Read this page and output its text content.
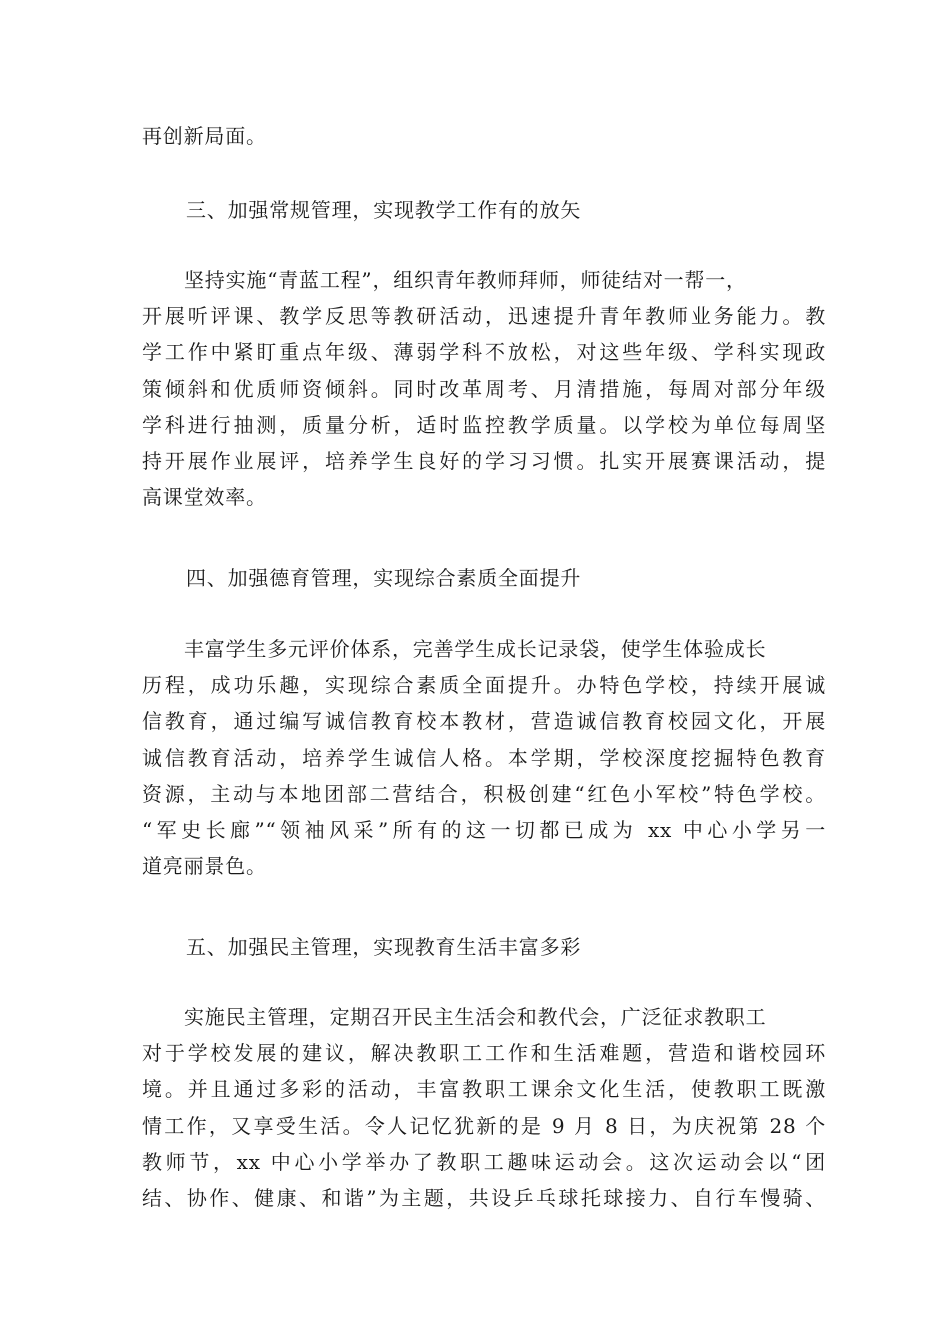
再创新局面。
三、加强常规管理，实现教学工作有的放矢
坚持实施“青蓝工程”，组织青年教师拜师，师徒结对一帮一，
开展听评课、教学反思等教研活动，迅速提升青年教师业务能力。教
学工作中紧盯重点年级、薄弱学科不放松，对这些年级、学科实现政
策倾斜和优质师资倾斜。同时改革周考、月清措施，每周对部分年级
学科进行抽测，质量分析，适时监控教学质量。以学校为单位每周坚
持开展作业展评，培养学生良好的学习习惯。扎实开展赛课活动，提
高课堂效率。
四、加强德育管理，实现综合素质全面提升
丰富学生多元评价体系，完善学生成长记录袋，使学生体验成长
历程，成功乐趣，实现综合素质全面提升。办特色学校，持续开展诚
信教育，通过编写诚信教育校本教材，营造诚信教育校园文化，开展
诚信教育活动，培养学生诚信人格。本学期，学校深度挖掘特色教育
资源，主动与本地团部二营结合，积极创建“红色小军校”特色学校。
“军史长廊”“领袖风采”所有的这一切都已成为 xx 中心小学另一
道亮丽景色。
五、加强民主管理，实现教育生活丰富多彩
实施民主管理，定期召开民主生活会和教代会，广泛征求教职工
对于学校发展的建议，解决教职工工作和生活难题，营造和谐校园环
境。并且通过多彩的活动，丰富教职工课余文化生活，使教职工既激
情工作，又享受生活。令人记忆犹新的是 9 月 8 日，为庆祝第 28 个
教师节，xx 中心小学举办了教职工趣味运动会。这次运动会以“团
结、协作、健康、和谐”为主题，共设乒乓球托球接力、自行车慢骑、
